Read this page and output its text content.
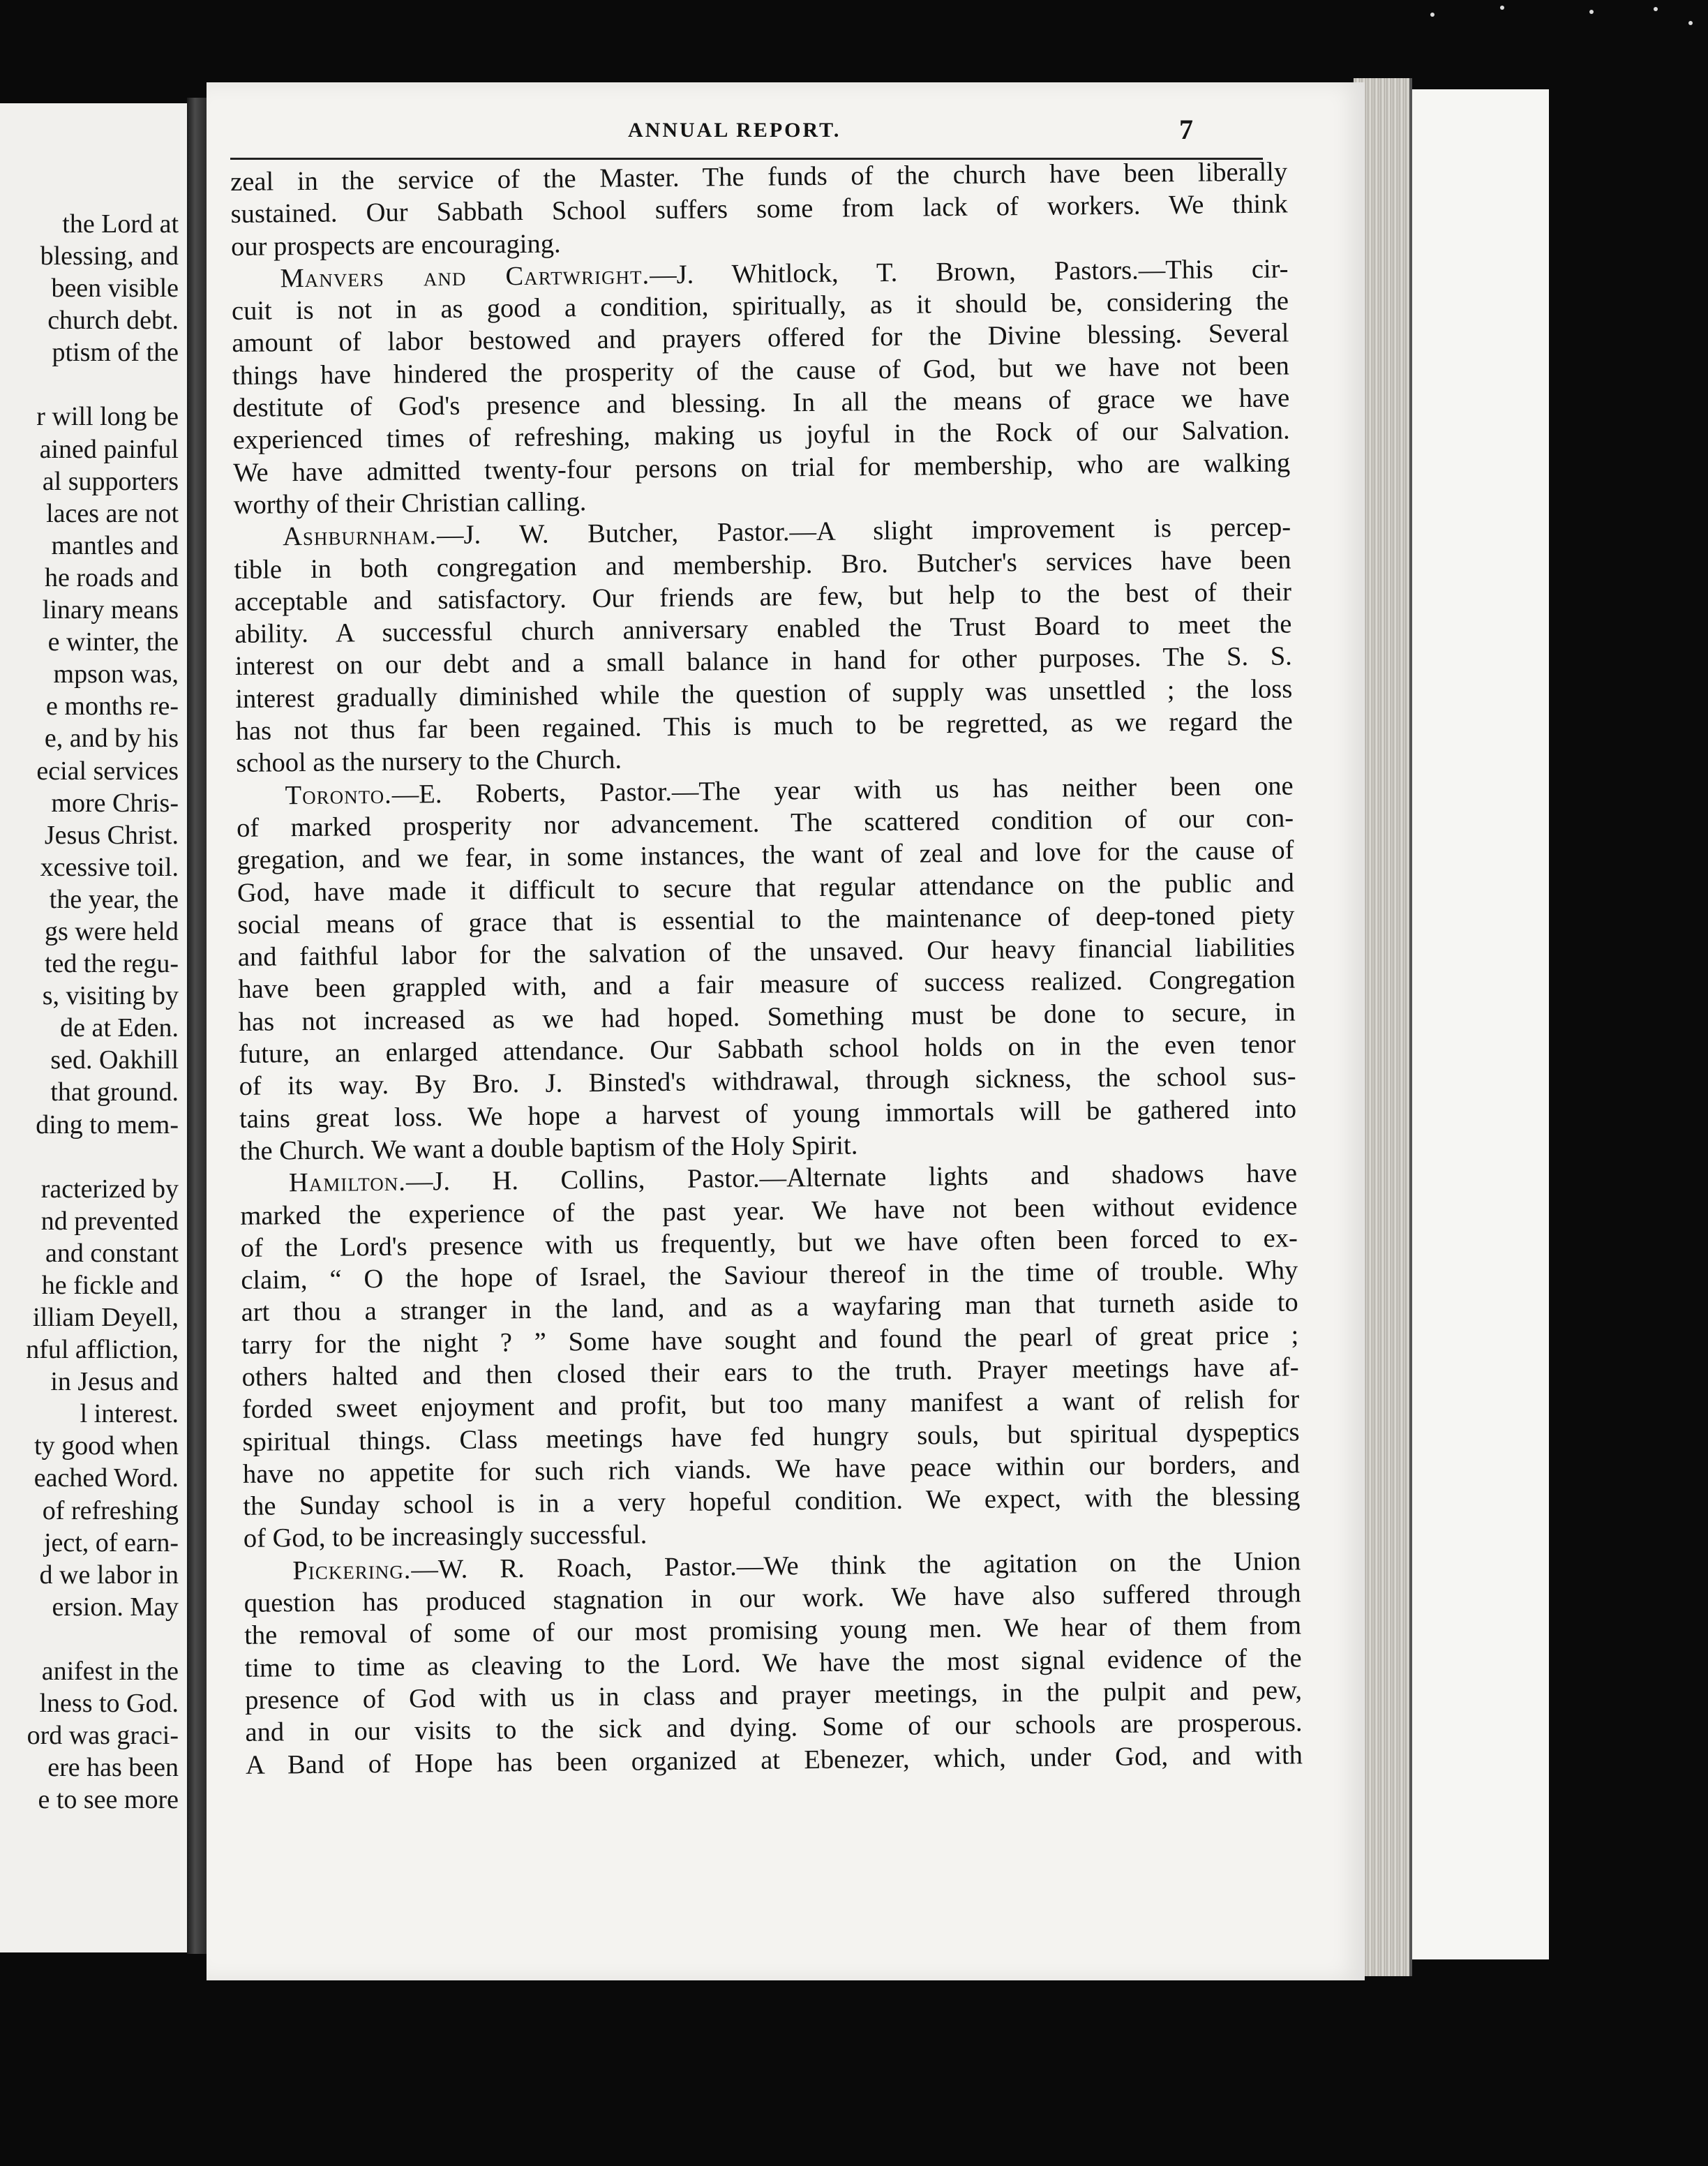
the Lord at
blessing, and
been visible
church debt.
ptism of the
r will long be
ained painful
al supporters
laces are not
mantles and
he roads and
linary means
e winter, the
mpson was,
e months re-
e, and by his
ecial services
more Chris-
Jesus Christ.
xcessive toil.
the year, the
gs were held
ted the regu-
s, visiting by
de at Eden.
sed. Oakhill
that ground.
ding to mem-
racterized by
nd prevented
and constant
he fickle and
illiam Deyell,
nful affliction,
in Jesus and
l interest.
ty good when
eached Word.
of refreshing
ject, of earn-
d we labor in
ersion. May
anifest in the
lness to God.
ord was graci-
ere has been
e to see more
ANNUAL REPORT.	7
zeal in the service of the Master. The funds of the church have been liberally
sustained. Our Sabbath School suffers some from lack of workers. We think
our prospects are encouraging.
Manvers and Cartwright.—J. Whitlock, T. Brown, Pastors.—This cir-
cuit is not in as good a condition, spiritually, as it should be, considering the
amount of labor bestowed and prayers offered for the Divine blessing. Several
things have hindered the prosperity of the cause of God, but we have not been
destitute of God's presence and blessing. In all the means of grace we have
experienced times of refreshing, making us joyful in the Rock of our Salvation.
We have admitted twenty-four persons on trial for membership, who are walking
worthy of their Christian calling.
Ashburnham.—J. W. Butcher, Pastor.—A slight improvement is percep-
tible in both congregation and membership. Bro. Butcher's services have been
acceptable and satisfactory. Our friends are few, but help to the best of their
ability. A successful church anniversary enabled the Trust Board to meet the
interest on our debt and a small balance in hand for other purposes. The S. S.
interest gradually diminished while the question of supply was unsettled ; the loss
has not thus far been regained. This is much to be regretted, as we regard the
school as the nursery to the Church.
Toronto.—E. Roberts, Pastor.—The year with us has neither been one
of marked prosperity nor advancement. The scattered condition of our con-
gregation, and we fear, in some instances, the want of zeal and love for the cause of
God, have made it difficult to secure that regular attendance on the public and
social means of grace that is essential to the maintenance of deep-toned piety
and faithful labor for the salvation of the unsaved. Our heavy financial liabilities
have been grappled with, and a fair measure of success realized. Congregation
has not increased as we had hoped. Something must be done to secure, in
future, an enlarged attendance. Our Sabbath school holds on in the even tenor
of its way. By Bro. J. Binsted's withdrawal, through sickness, the school sus-
tains great loss. We hope a harvest of young immortals will be gathered into
the Church. We want a double baptism of the Holy Spirit.
Hamilton.—J. H. Collins, Pastor.—Alternate lights and shadows have
marked the experience of the past year. We have not been without evidence
of the Lord's presence with us frequently, but we have often been forced to ex-
claim, “ O the hope of Israel, the Saviour thereof in the time of trouble. Why
art thou a stranger in the land, and as a wayfaring man that turneth aside to
tarry for the night ? ” Some have sought and found the pearl of great price ;
others halted and then closed their ears to the truth. Prayer meetings have af-
forded sweet enjoyment and profit, but too many manifest a want of relish for
spiritual things. Class meetings have fed hungry souls, but spiritual dyspeptics
have no appetite for such rich viands. We have peace within our borders, and
the Sunday school is in a very hopeful condition. We expect, with the blessing
of God, to be increasingly successful.
Pickering.—W. R. Roach, Pastor.—We think the agitation on the Union
question has produced stagnation in our work. We have also suffered through
the removal of some of our most promising young men. We hear of them from
time to time as cleaving to the Lord. We have the most signal evidence of the
presence of God with us in class and prayer meetings, in the pulpit and pew,
and in our visits to the sick and dying. Some of our schools are prosperous.
A Band of Hope has been organized at Ebenezer, which, under God, and with
